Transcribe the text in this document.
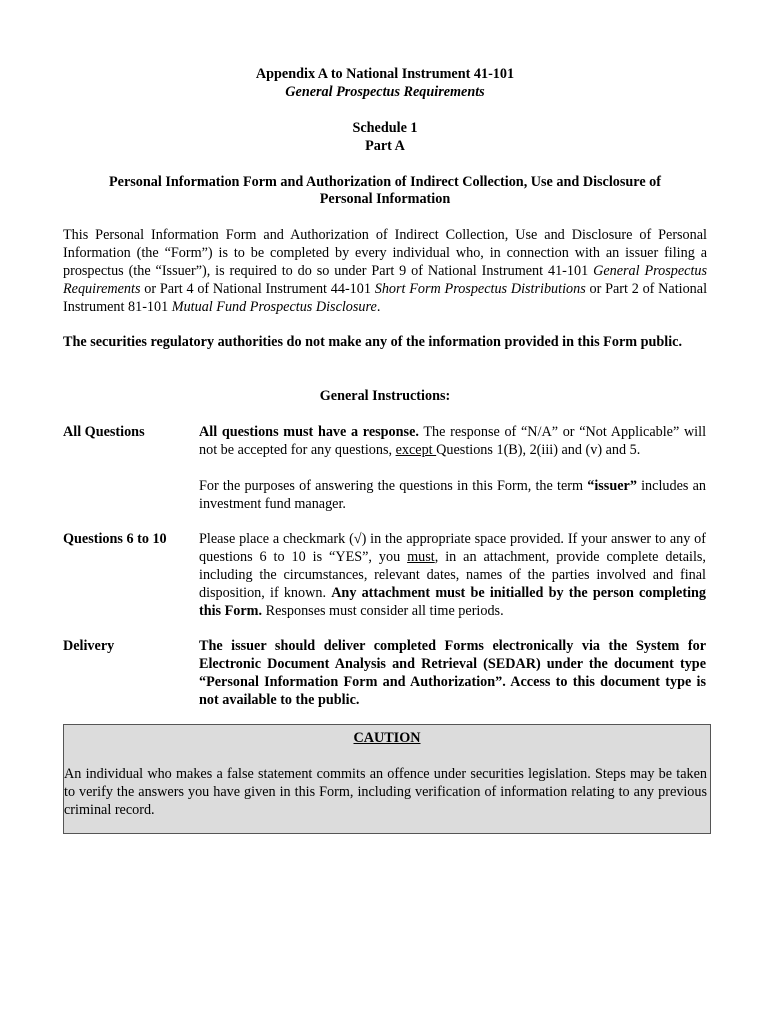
Appendix A to National Instrument 41-101
General Prospectus Requirements
Schedule 1
Part A
Personal Information Form and Authorization of Indirect Collection, Use and Disclosure of
Personal Information
This Personal Information Form and Authorization of Indirect Collection, Use and Disclosure of Personal Information (the “Form”) is to be completed by every individual who, in connection with an issuer filing a prospectus (the “Issuer”), is required to do so under Part 9 of National Instrument 41-101 General Prospectus Requirements or Part 4 of National Instrument 44-101 Short Form Prospectus Distributions or Part 2 of National Instrument 81-101 Mutual Fund Prospectus Disclosure.
The securities regulatory authorities do not make any of the information provided in this Form public.
General Instructions:
All Questions	All questions must have a response. The response of “N/A” or “Not Applicable” will not be accepted for any questions, except Questions 1(B), 2(iii) and (v) and 5.
For the purposes of answering the questions in this Form, the term “issuer” includes an investment fund manager.
Questions 6 to 10	Please place a checkmark (√) in the appropriate space provided. If your answer to any of questions 6 to 10 is “YES”, you must, in an attachment, provide complete details, including the circumstances, relevant dates, names of the parties involved and final disposition, if known. Any attachment must be initialled by the person completing this Form. Responses must consider all time periods.
Delivery	The issuer should deliver completed Forms electronically via the System for Electronic Document Analysis and Retrieval (SEDAR) under the document type “Personal Information Form and Authorization”. Access to this document type is not available to the public.
CAUTION
An individual who makes a false statement commits an offence under securities legislation. Steps may be taken to verify the answers you have given in this Form, including verification of information relating to any previous criminal record.
